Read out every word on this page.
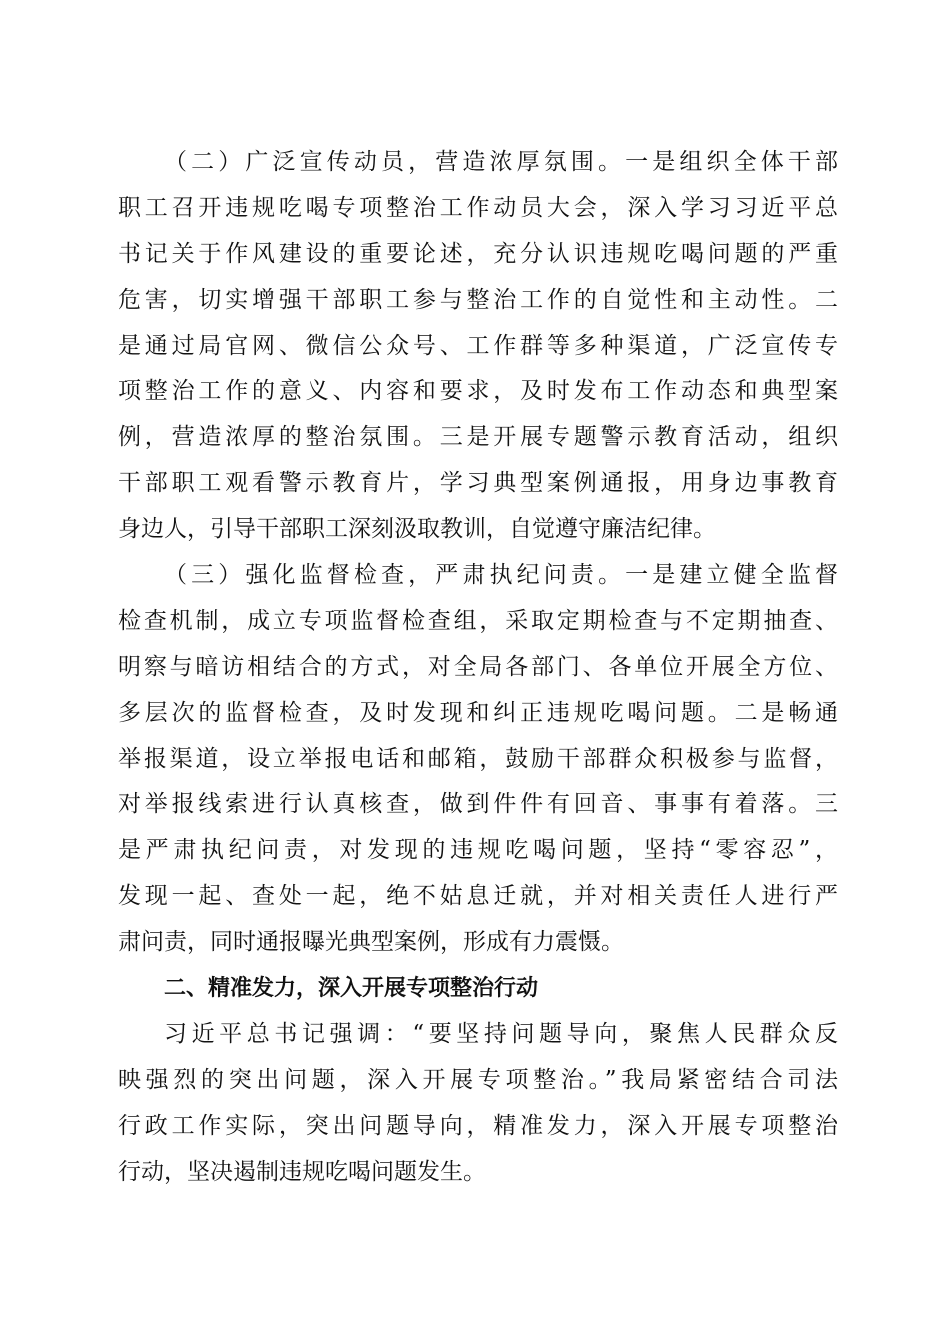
（二）广泛宣传动员，营造浓厚氛围。一是组织全体干部
职工召开违规吃喝专项整治工作动员大会，深入学习习近平总
书记关于作风建设的重要论述，充分认识违规吃喝问题的严重
危害，切实增强干部职工参与整治工作的自觉性和主动性。二
是通过局官网、微信公众号、工作群等多种渠道，广泛宣传专
项整治工作的意义、内容和要求，及时发布工作动态和典型案
例，营造浓厚的整治氛围。三是开展专题警示教育活动，组织
干部职工观看警示教育片，学习典型案例通报，用身边事教育
身边人，引导干部职工深刻汲取教训，自觉遵守廉洁纪律。
（三）强化监督检查，严肃执纪问责。一是建立健全监督
检查机制，成立专项监督检查组，采取定期检查与不定期抽查、
明察与暗访相结合的方式，对全局各部门、各单位开展全方位、
多层次的监督检查，及时发现和纠正违规吃喝问题。二是畅通
举报渠道，设立举报电话和邮箱，鼓励干部群众积极参与监督，
对举报线索进行认真核查，做到件件有回音、事事有着落。三
是严肃执纪问责，对发现的违规吃喝问题，坚持“零容忍”，
发现一起、查处一起，绝不姑息迁就，并对相关责任人进行严
肃问责，同时通报曝光典型案例，形成有力震慑。
二、精准发力，深入开展专项整治行动
习近平总书记强调：“要坚持问题导向，聚焦人民群众反
映强烈的突出问题，深入开展专项整治。”我局紧密结合司法
行政工作实际，突出问题导向，精准发力，深入开展专项整治
行动，坚决遏制违规吃喝问题发生。
